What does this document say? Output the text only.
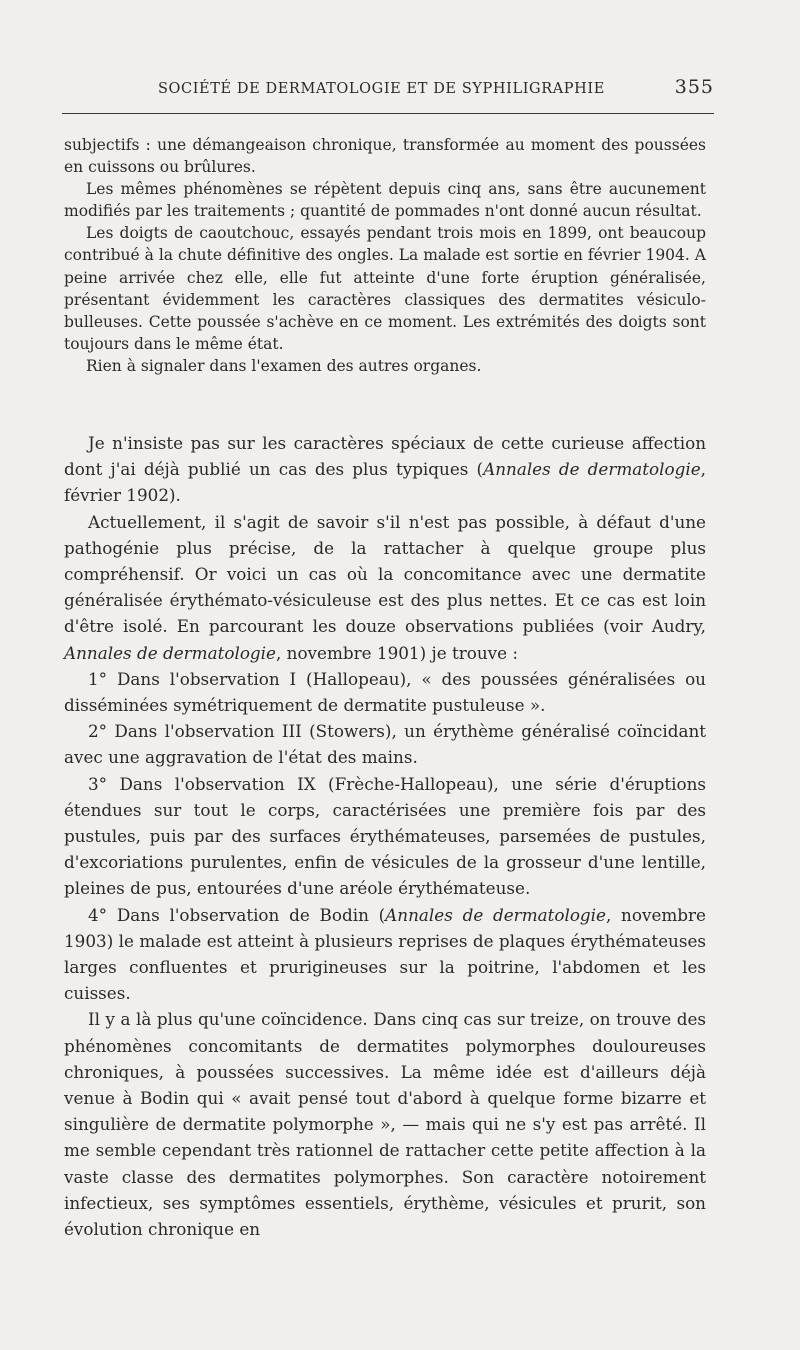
SOCIÉTÉ DE DERMATOLOGIE ET DE SYPHILIGRAPHIE	355

subjectifs : une démangeaison chronique, transformée au moment des poussées en cuissons ou brûlures.

Les mêmes phénomènes se répètent depuis cinq ans, sans être aucunement modifiés par les traitements ; quantité de pommades n'ont donné aucun résultat.

Les doigts de caoutchouc, essayés pendant trois mois en 1899, ont beaucoup contribué à la chute définitive des ongles. La malade est sortie en février 1904. A peine arrivée chez elle, elle fut atteinte d'une forte éruption généralisée, présentant évidemment les caractères classiques des dermatites vésiculo-bulleuses. Cette poussée s'achève en ce moment. Les extrémités des doigts sont toujours dans le même état.

Rien à signaler dans l'examen des autres organes.

Je n'insiste pas sur les caractères spéciaux de cette curieuse affection dont j'ai déjà publié un cas des plus typiques (Annales de dermatologie, février 1902).

Actuellement, il s'agit de savoir s'il n'est pas possible, à défaut d'une pathogénie plus précise, de la rattacher à quelque groupe plus compréhensif. Or voici un cas où la concomitance avec une dermatite généralisée érythémato-vésiculeuse est des plus nettes. Et ce cas est loin d'être isolé. En parcourant les douze observations publiées (voir Audry, Annales de dermatologie, novembre 1901) je trouve :

1° Dans l'observation I (Hallopeau), « des poussées généralisées ou disséminées symétriquement de dermatite pustuleuse ».

2° Dans l'observation III (Stowers), un érythème généralisé coïncidant avec une aggravation de l'état des mains.

3° Dans l'observation IX (Frèche-Hallopeau), une série d'éruptions étendues sur tout le corps, caractérisées une première fois par des pustules, puis par des surfaces érythémateuses, parsemées de pustules, d'excoriations purulentes, enfin de vésicules de la grosseur d'une lentille, pleines de pus, entourées d'une aréole érythémateuse.

4° Dans l'observation de Bodin (Annales de dermatologie, novembre 1903) le malade est atteint à plusieurs reprises de plaques érythémateuses larges confluentes et prurigineuses sur la poitrine, l'abdomen et les cuisses.

Il y a là plus qu'une coïncidence. Dans cinq cas sur treize, on trouve des phénomènes concomitants de dermatites polymorphes douloureuses chroniques, à poussées successives. La même idée est d'ailleurs déjà venue à Bodin qui « avait pensé tout d'abord à quelque forme bizarre et singulière de dermatite polymorphe », — mais qui ne s'y est pas arrêté. Il me semble cependant très rationnel de rattacher cette petite affection à la vaste classe des dermatites polymorphes. Son caractère notoirement infectieux, ses symptômes essentiels, érythème, vésicules et prurit, son évolution chronique en
